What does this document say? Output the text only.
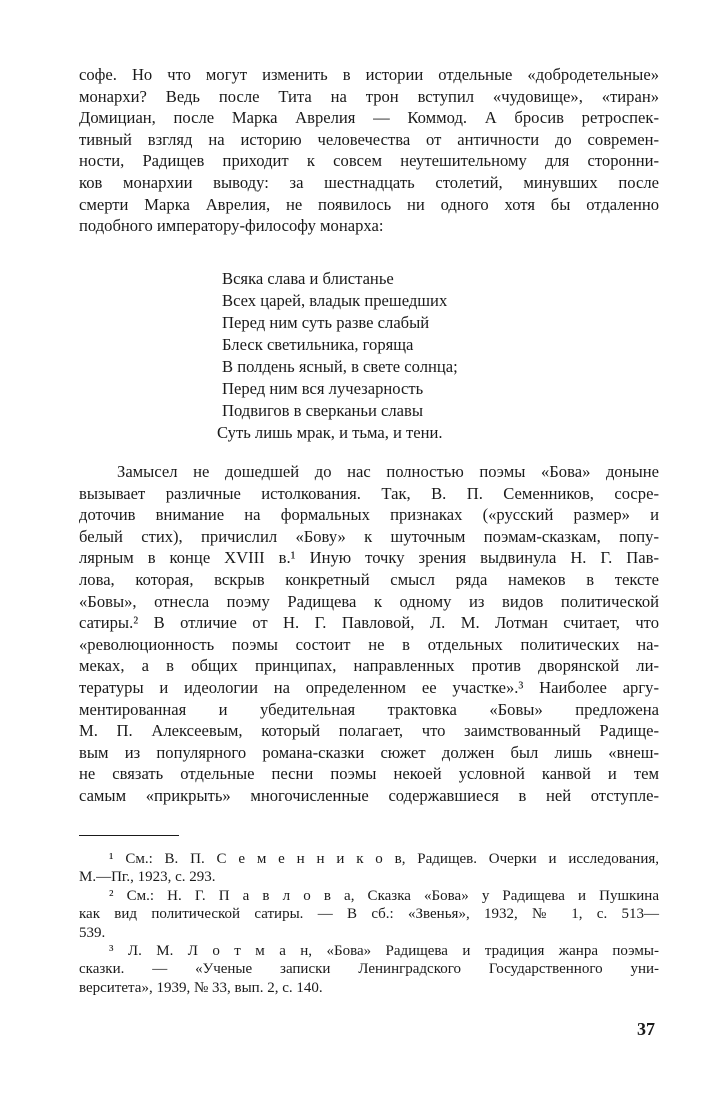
софе. Но что могут изменить в истории отдельные «добродетельные»
монархи? Ведь после Тита на трон вступил «чудовище», «тиран»
Домициан, после Марка Аврелия — Коммод. А бросив ретроспек-
тивный взгляд на историю человечества от античности до современ-
ности, Радищев приходит к совсем неутешительному для сторонни-
ков монархии выводу: за шестнадцать столетий, минувших после
смерти Марка Аврелия, не появилось ни одного хотя бы отдаленно
подобного императору-философу монарха:
Всяка слава и блистанье
Всех царей, владык прешедших
Перед ним суть разве слабый
Блеск светильника, горяща
В полдень ясный, в свете солнца;
Перед ним вся лучезарность
Подвигов в сверканьи славы
Суть лишь мрак, и тьма, и тени.
Замысел не дошедшей до нас полностью поэмы «Бова» доныне
вызывает различные истолкования. Так, В. П. Семенников, сосре-
доточив внимание на формальных признаках («русский размер» и
белый стих), причислил «Бову» к шуточным поэмам-сказкам, попу-
лярным в конце XVIII в.¹ Иную точку зрения выдвинула Н. Г. Пав-
лова, которая, вскрыв конкретный смысл ряда намеков в тексте
«Бовы», отнесла поэму Радищева к одному из видов политической
сатиры.² В отличие от Н. Г. Павловой, Л. М. Лотман считает, что
«революционность поэмы состоит не в отдельных политических на-
меках, а в общих принципах, направленных против дворянской ли-
тературы и идеологии на определенном ее участке».³ Наиболее аргу-
ментированная и убедительная трактовка «Бовы» предложена
М. П. Алексеевым, который полагает, что заимствованный Радище-
вым из популярного романа-сказки сюжет должен был лишь «внеш-
не связать отдельные песни поэмы некоей условной канвой и тем
самым «прикрыть» многочисленные содержавшиеся в ней отступле-
¹ См.: В. П. С е м е н н и к о в, Радищев. Очерки и исследования,
М.—Пг., 1923, с. 293.
² См.: Н. Г. П а в л о в а, Сказка «Бова» у Радищева и Пушкина
как вид политической сатиры. — В сб.: «Звенья», 1932, № 1, с. 513—
539.
³ Л. М. Л о т м а н, «Бова» Радищева и традиция жанра поэмы-
сказки. — «Ученые записки Ленинградского Государственного уни-
верситета», 1939, № 33, вып. 2, с. 140.
37
